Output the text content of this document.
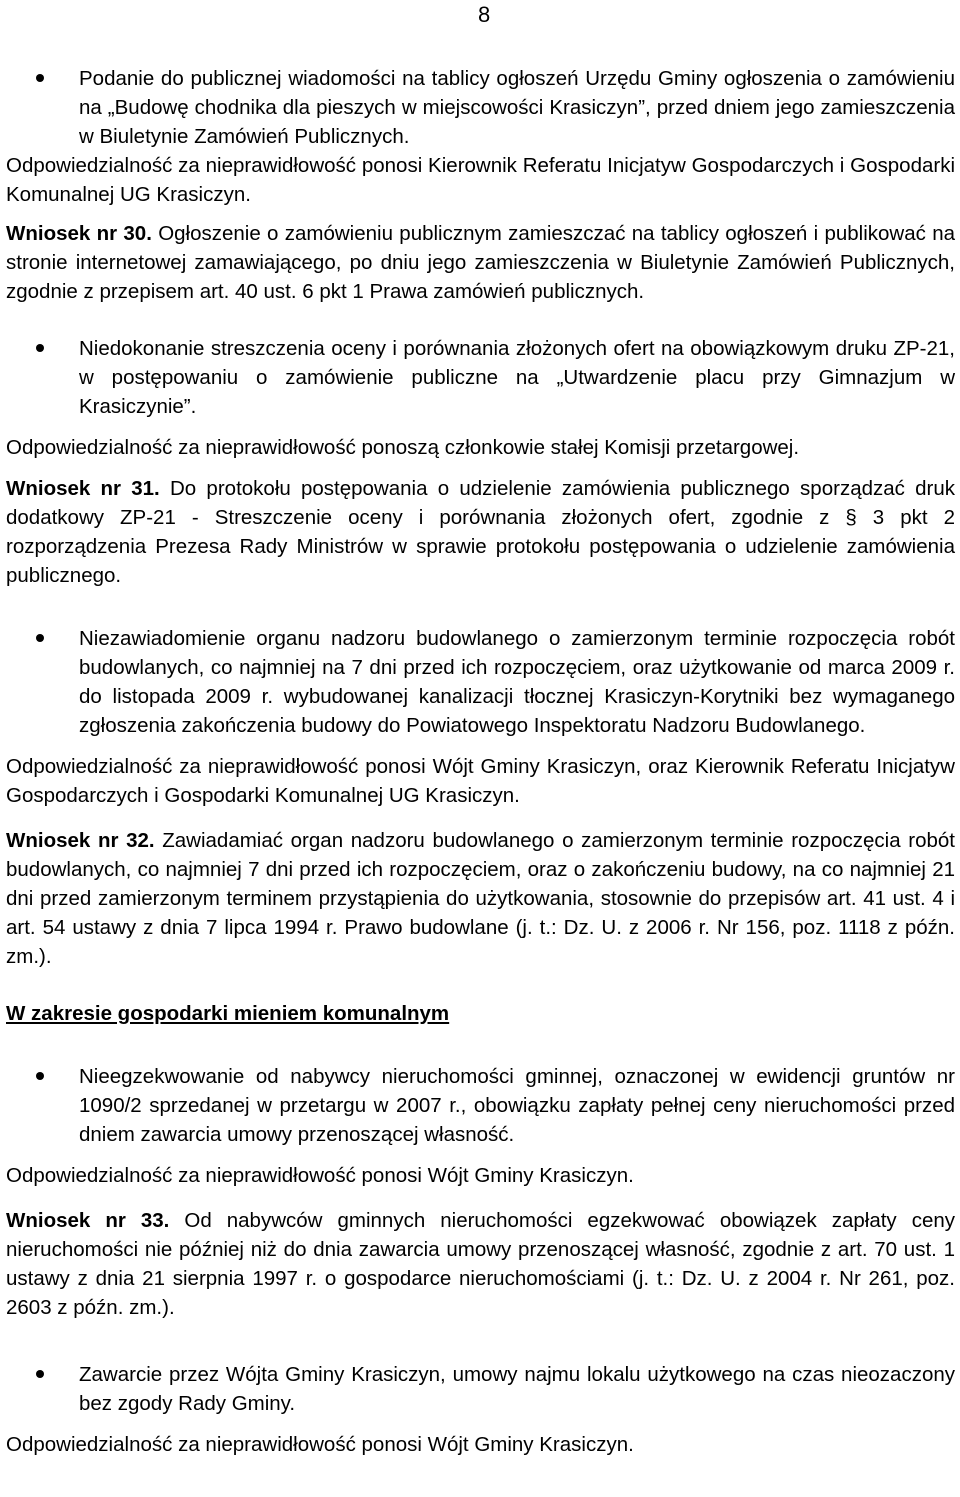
8

Podanie do publicznej wiadomości na tablicy ogłoszeń Urzędu Gminy ogłoszenia o zamówieniu na „Budowę chodnika dla pieszych w miejscowości Krasiczyn”, przed dniem jego zamieszczenia w Biuletynie Zamówień Publicznych.

Odpowiedzialność za nieprawidłowość ponosi Kierownik Referatu Inicjatyw Gospodarczych i Gospodarki Komunalnej UG Krasiczyn.

Wniosek nr 30. Ogłoszenie o zamówieniu publicznym zamieszczać na tablicy ogłoszeń i publikować na stronie internetowej zamawiającego, po dniu jego zamieszczenia w Biuletynie Zamówień Publicznych, zgodnie z przepisem art. 40 ust. 6 pkt 1 Prawa zamówień publicznych.

Niedokonanie streszczenia oceny i porównania złożonych ofert na obowiązkowym druku ZP-21, w postępowaniu o zamówienie publiczne na „Utwardzenie placu przy Gimnazjum w Krasiczynie”.

Odpowiedzialność za nieprawidłowość ponoszą członkowie stałej Komisji przetargowej.

Wniosek nr 31. Do protokołu postępowania o udzielenie zamówienia publicznego sporządzać druk dodatkowy ZP-21 - Streszczenie oceny i porównania złożonych ofert, zgodnie z § 3 pkt 2 rozporządzenia Prezesa Rady Ministrów w sprawie protokołu postępowania o udzielenie zamówienia publicznego.

Niezawiadomienie organu nadzoru budowlanego o zamierzonym terminie rozpoczęcia robót budowlanych, co najmniej na 7 dni przed ich rozpoczęciem, oraz użytkowanie od marca 2009 r. do listopada 2009 r. wybudowanej kanalizacji tłocznej Krasiczyn-Korytniki bez wymaganego zgłoszenia zakończenia budowy do Powiatowego Inspektoratu Nadzoru Budowlanego.

Odpowiedzialność za nieprawidłowość ponosi Wójt Gminy Krasiczyn, oraz Kierownik Referatu Inicjatyw Gospodarczych i Gospodarki Komunalnej UG Krasiczyn.

Wniosek nr 32. Zawiadamiać organ nadzoru budowlanego o zamierzonym terminie rozpoczęcia robót budowlanych, co najmniej 7 dni przed ich rozpoczęciem, oraz o zakończeniu budowy, na co najmniej 21 dni przed zamierzonym terminem przystąpienia do użytkowania, stosownie do przepisów art. 41 ust. 4 i art. 54 ustawy z dnia 7 lipca 1994 r. Prawo budowlane (j. t.: Dz. U. z 2006 r. Nr 156, poz. 1118 z późn. zm.).

W zakresie gospodarki mieniem komunalnym

Nieegzekwowanie od nabywcy nieruchomości gminnej, oznaczonej w ewidencji gruntów nr 1090/2 sprzedanej w przetargu w 2007 r., obowiązku zapłaty pełnej ceny nieruchomości przed dniem zawarcia umowy przenoszącej własność.

Odpowiedzialność za nieprawidłowość ponosi Wójt Gminy Krasiczyn.

Wniosek nr 33. Od nabywców gminnych nieruchomości egzekwować obowiązek zapłaty ceny nieruchomości nie później niż do dnia zawarcia umowy przenoszącej własność, zgodnie z art. 70 ust. 1 ustawy z dnia 21 sierpnia 1997 r. o gospodarce nieruchomościami (j. t.: Dz. U. z 2004 r. Nr 261, poz. 2603 z późn. zm.).

Zawarcie przez Wójta Gminy Krasiczyn, umowy najmu lokalu użytkowego na czas nieozaczony bez zgody Rady Gminy.

Odpowiedzialność za nieprawidłowość ponosi Wójt Gminy Krasiczyn.
